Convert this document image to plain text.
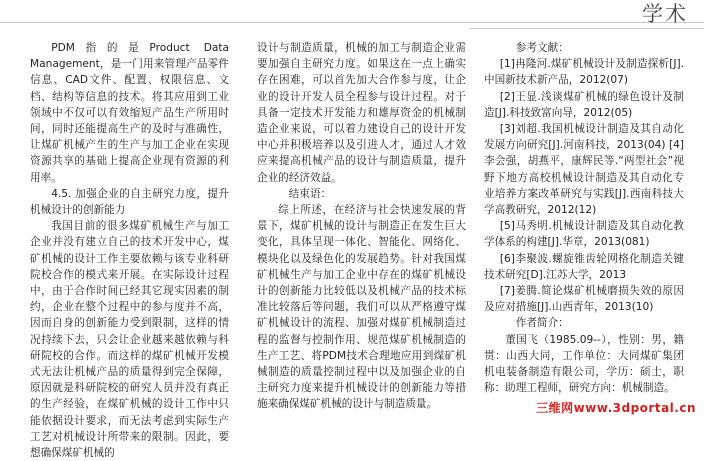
学术

PDM指的是Product Data Management，是一门用来管理产品零件信息、CAD文件、配置、权限信息、文档、结构等信息的技术。将其应用到工业领域中不仅可以有效缩短产品生产所用时间，同时还能提高生产的及时与准确性，让煤矿机械产生的生产与加工企业在实现资源共享的基础上提高企业现有资源的利用率。

4.5. 加强企业的自主研究力度，提升机械设计的创新能力

我国目前的很多煤矿机械生产与加工企业并没有建立自己的技术开发中心，煤矿机械的设计工作主要依赖与该专业科研院校合作的模式来开展。在实际设计过程中，由于合作时间已经其它现实因素的制约，企业在整个过程中的参与度并不高，因而自身的创新能力受到限制，这样的情况持续下去，只会让企业越来越依赖与科研院校的合作。而这样的煤矿机械开发模式无法让机械产品的质量得到完全保障，原因就是科研院校的研究人员并没有真正的生产经验，在煤矿机械的设计工作中只能依据设计要求，而无法考虑到实际生产工艺对机械设计所带来的限制。因此，要想确保煤矿机械的

设计与制造质量，机械的加工与制造企业需要加强自主研究力度。如果这在一点上确实存在困难，可以首先加大合作参与度，让企业的设计开发人员全程参与设计过程。对于具备一定技术开发能力和雄厚资金的机械制造企业来说，可以着力建设自己的设计开发中心并积极培养以及引进人才，通过人才效应来提高机械产品的设计与制造质量，提升企业的经济效益。

结束语：

综上所述，在经济与社会快速发展的背景下，煤矿机械的设计与制造正在发生巨大变化，具体呈现一体化、智能化、网络化、模块化以及绿色化的发展趋势。针对我国煤矿机械生产与加工企业中存在的煤矿机械设计的创新能力比较低以及机械产品的技术标准比较落后等问题，我们可以从严格遵守煤矿机械设计的流程、加强对煤矿机械制造过程的监督与控制作用、规范煤矿机械制造的生产工艺、将PDM技术合理地应用到煤矿机械制造的质量控制过程中以及加强企业的自主研究力度来提升机械设计的创新能力等措施来确保煤矿机械的设计与制造质量。

参考文献：

[1]冉隆河.煤矿机械设计及制造探析[J].中国新技术新产品，2012(07)

[2]王显.浅谈煤矿机械的绿色设计及制造[J].科技致富向导，2012(05)

[3]刘超.我国机械设计制造及其自动化发展方向研究[J].河南科技，2013(04) [4]李会强，胡燕平，康辉民等.“两型社会”视野下地方高校机械设计制造及其自动化专业培养方案改革研究与实践[J].西南科技大学高教研究，2012(12)

[5]马秀明.机械设计制造及其自动化教学体系的构建[J].华章，2013(081)

[6]李聚波.螺旋锥齿轮网格化制造关键技术研究[D].江苏大学，2013

[7]姜腾.简论煤矿机械磨损失效的原因及应对措施[J].山西青年，2013(10)

作者简介：

董国飞（1985.09--），性别：男，籍贯：山西大同，工作单位：大同煤矿集团机电装备制造有限公司，学历：硕士，职称：助理工程师，研究方向：机械制造。

三维网www.3dportal.cn
